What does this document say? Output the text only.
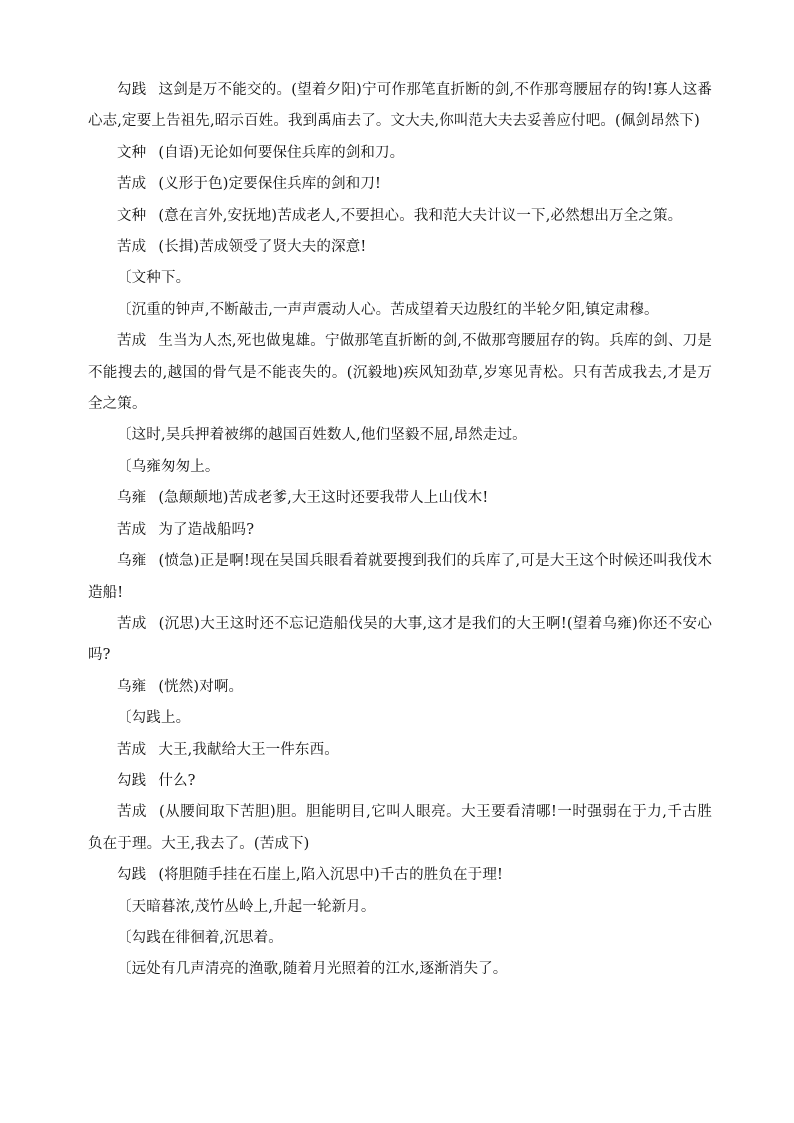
勾践 这剑是万不能交的。(望着夕阳)宁可作那笔直折断的剑,不作那弯腰屈存的钩!寡人这番心志,定要上告祖先,昭示百姓。我到禹庙去了。文大夫,你叫范大夫去妥善应付吧。(佩剑昂然下)

文种 (自语)无论如何要保住兵库的剑和刀。

苦成 (义形于色)定要保住兵库的剑和刀!

文种 (意在言外,安抚地)苦成老人,不要担心。我和范大夫计议一下,必然想出万全之策。

苦成 (长揖)苦成领受了贤大夫的深意!

〔文种下。

〔沉重的钟声,不断敲击,一声声震动人心。苦成望着天边殷红的半轮夕阳,镇定肃穆。

苦成 生当为人杰,死也做鬼雄。宁做那笔直折断的剑,不做那弯腰屈存的钩。兵库的剑、刀是不能搜去的,越国的骨气是不能丧失的。(沉毅地)疾风知劲草,岁寒见青松。只有苦成我去,才是万全之策。

〔这时,吴兵押着被绑的越国百姓数人,他们坚毅不屈,昂然走过。

〔乌雍匆匆上。

乌雍 (急颠颠地)苦成老爹,大王这时还要我带人上山伐木!

苦成 为了造战船吗?

乌雍 (愤急)正是啊!现在吴国兵眼看着就要搜到我们的兵库了,可是大王这个时候还叫我伐木造船!

苦成 (沉思)大王这时还不忘记造船伐吴的大事,这才是我们的大王啊!(望着乌雍)你还不安心吗?

乌雍 (恍然)对啊。

〔勾践上。

苦成 大王,我献给大王一件东西。

勾践 什么?

苦成 (从腰间取下苦胆)胆。胆能明目,它叫人眼亮。大王要看清哪!一时强弱在于力,千古胜负在于理。大王,我去了。(苦成下)

勾践 (将胆随手挂在石崖上,陷入沉思中)千古的胜负在于理!

〔天暗暮浓,茂竹丛岭上,升起一轮新月。

〔勾践在徘徊着,沉思着。

〔远处有几声清亮的渔歌,随着月光照着的江水,逐渐消失了。
